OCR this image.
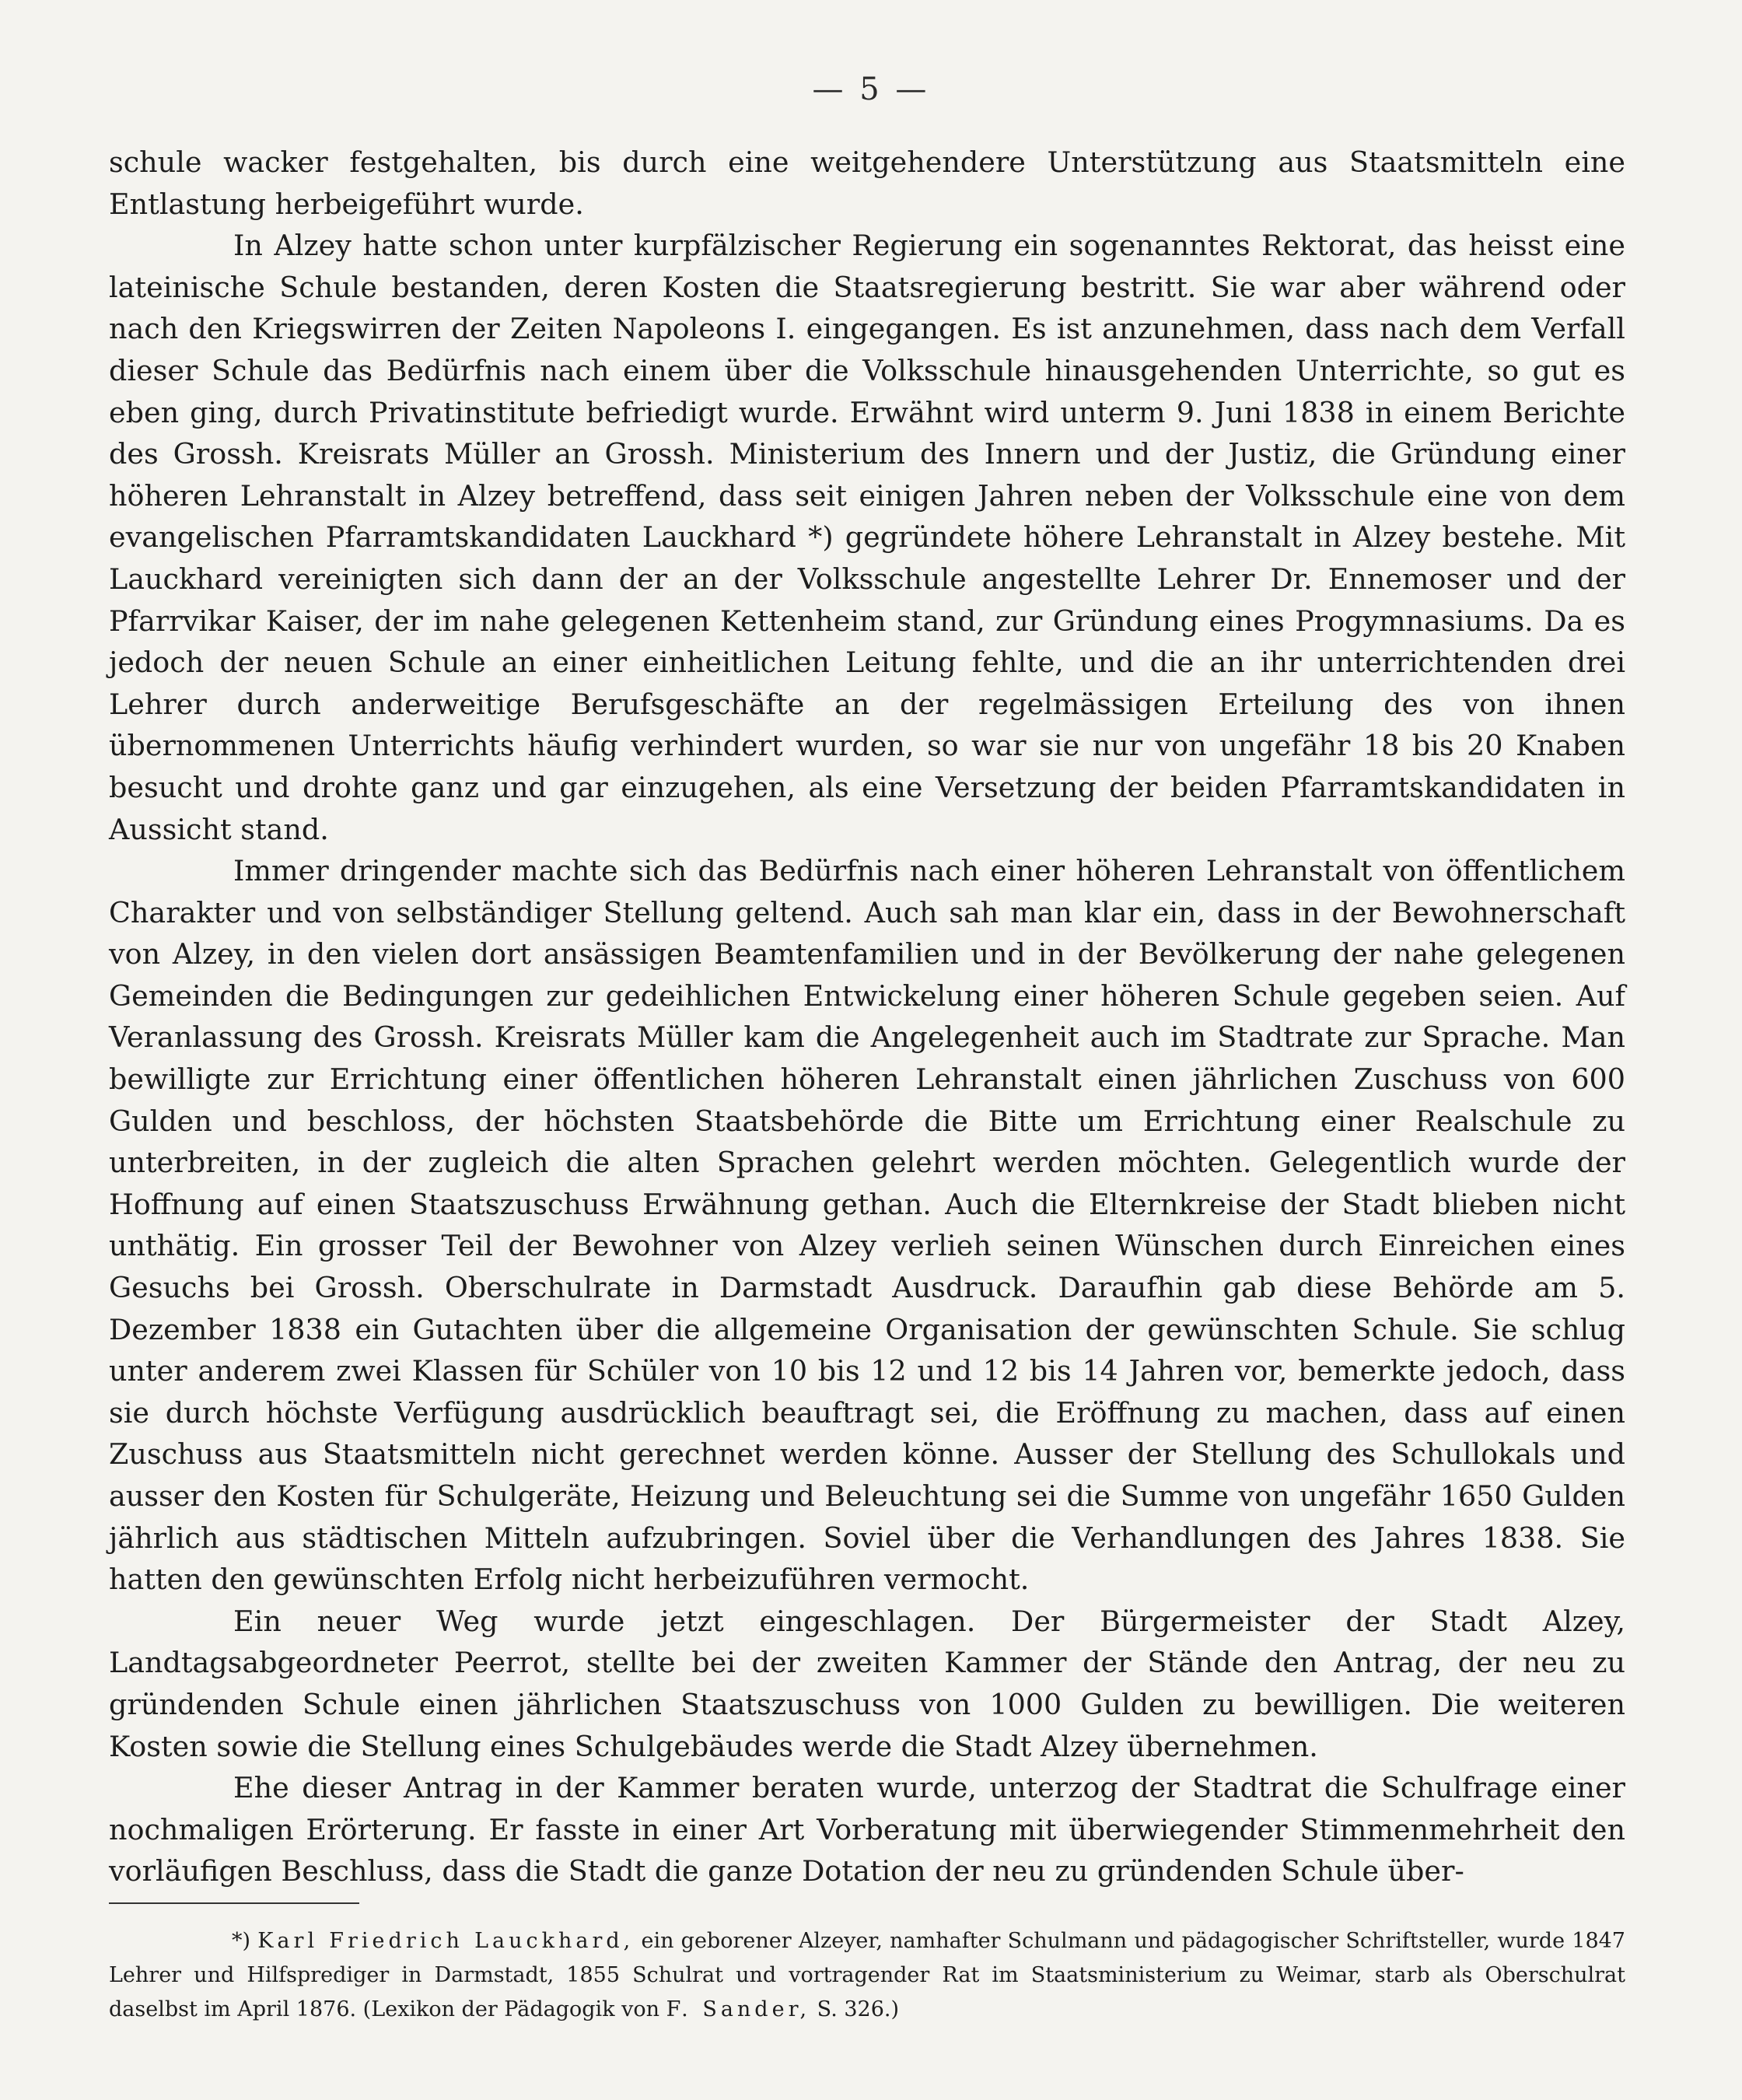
— 5 —

schule wacker festgehalten, bis durch eine weitgehendere Unterstützung aus Staatsmitteln eine Entlastung herbeigeführt wurde.

In Alzey hatte schon unter kurpfälzischer Regierung ein sogenanntes Rektorat, das heisst eine lateinische Schule bestanden, deren Kosten die Staatsregierung bestritt. Sie war aber während oder nach den Kriegswirren der Zeiten Napoleons I. eingegangen. Es ist anzunehmen, dass nach dem Verfall dieser Schule das Bedürfnis nach einem über die Volksschule hinausgehenden Unterrichte, so gut es eben ging, durch Privatinstitute befriedigt wurde. Erwähnt wird unterm 9. Juni 1838 in einem Berichte des Grossh. Kreisrats Müller an Grossh. Ministerium des Innern und der Justiz, die Gründung einer höheren Lehranstalt in Alzey betreffend, dass seit einigen Jahren neben der Volksschule eine von dem evangelischen Pfarramtskandidaten Lauckhard *) gegründete höhere Lehranstalt in Alzey bestehe. Mit Lauckhard vereinigten sich dann der an der Volksschule angestellte Lehrer Dr. Ennemoser und der Pfarrvikar Kaiser, der im nahe gelegenen Kettenheim stand, zur Gründung eines Progymnasiums. Da es jedoch der neuen Schule an einer einheitlichen Leitung fehlte, und die an ihr unterrichtenden drei Lehrer durch anderweitige Berufsgeschäfte an der regelmässigen Erteilung des von ihnen übernommenen Unterrichts häufig verhindert wurden, so war sie nur von ungefähr 18 bis 20 Knaben besucht und drohte ganz und gar einzugehen, als eine Versetzung der beiden Pfarramtskandidaten in Aussicht stand.

Immer dringender machte sich das Bedürfnis nach einer höheren Lehranstalt von öffentlichem Charakter und von selbständiger Stellung geltend. Auch sah man klar ein, dass in der Bewohnerschaft von Alzey, in den vielen dort ansässigen Beamtenfamilien und in der Bevölkerung der nahe gelegenen Gemeinden die Bedingungen zur gedeihlichen Entwickelung einer höheren Schule gegeben seien. Auf Veranlassung des Grossh. Kreisrats Müller kam die Angelegenheit auch im Stadtrate zur Sprache. Man bewilligte zur Errichtung einer öffentlichen höheren Lehranstalt einen jährlichen Zuschuss von 600 Gulden und beschloss, der höchsten Staatsbehörde die Bitte um Errichtung einer Realschule zu unterbreiten, in der zugleich die alten Sprachen gelehrt werden möchten. Gelegentlich wurde der Hoffnung auf einen Staatszuschuss Erwähnung gethan. Auch die Elternkreise der Stadt blieben nicht unthätig. Ein grosser Teil der Bewohner von Alzey verlieh seinen Wünschen durch Einreichen eines Gesuchs bei Grossh. Oberschulrate in Darmstadt Ausdruck. Daraufhin gab diese Behörde am 5. Dezember 1838 ein Gutachten über die allgemeine Organisation der gewünschten Schule. Sie schlug unter anderem zwei Klassen für Schüler von 10 bis 12 und 12 bis 14 Jahren vor, bemerkte jedoch, dass sie durch höchste Verfügung ausdrücklich beauftragt sei, die Eröffnung zu machen, dass auf einen Zuschuss aus Staatsmitteln nicht gerechnet werden könne. Ausser der Stellung des Schullokals und ausser den Kosten für Schulgeräte, Heizung und Beleuchtung sei die Summe von ungefähr 1650 Gulden jährlich aus städtischen Mitteln aufzubringen. Soviel über die Verhandlungen des Jahres 1838. Sie hatten den gewünschten Erfolg nicht herbeizuführen vermocht.

Ein neuer Weg wurde jetzt eingeschlagen. Der Bürgermeister der Stadt Alzey, Landtagsabgeordneter Peerrot, stellte bei der zweiten Kammer der Stände den Antrag, der neu zu gründenden Schule einen jährlichen Staatszuschuss von 1000 Gulden zu bewilligen. Die weiteren Kosten sowie die Stellung eines Schulgebäudes werde die Stadt Alzey übernehmen.

Ehe dieser Antrag in der Kammer beraten wurde, unterzog der Stadtrat die Schulfrage einer nochmaligen Erörterung. Er fasste in einer Art Vorberatung mit überwiegender Stimmenmehrheit den vorläufigen Beschluss, dass die Stadt die ganze Dotation der neu zu gründenden Schule über-

*) Karl Friedrich Lauckhard, ein geborener Alzeyer, namhafter Schulmann und pädagogischer Schriftsteller, wurde 1847 Lehrer und Hilfsprediger in Darmstadt, 1855 Schulrat und vortragender Rat im Staatsministerium zu Weimar, starb als Oberschulrat daselbst im April 1876. (Lexikon der Pädagogik von F. Sander, S. 326.)
